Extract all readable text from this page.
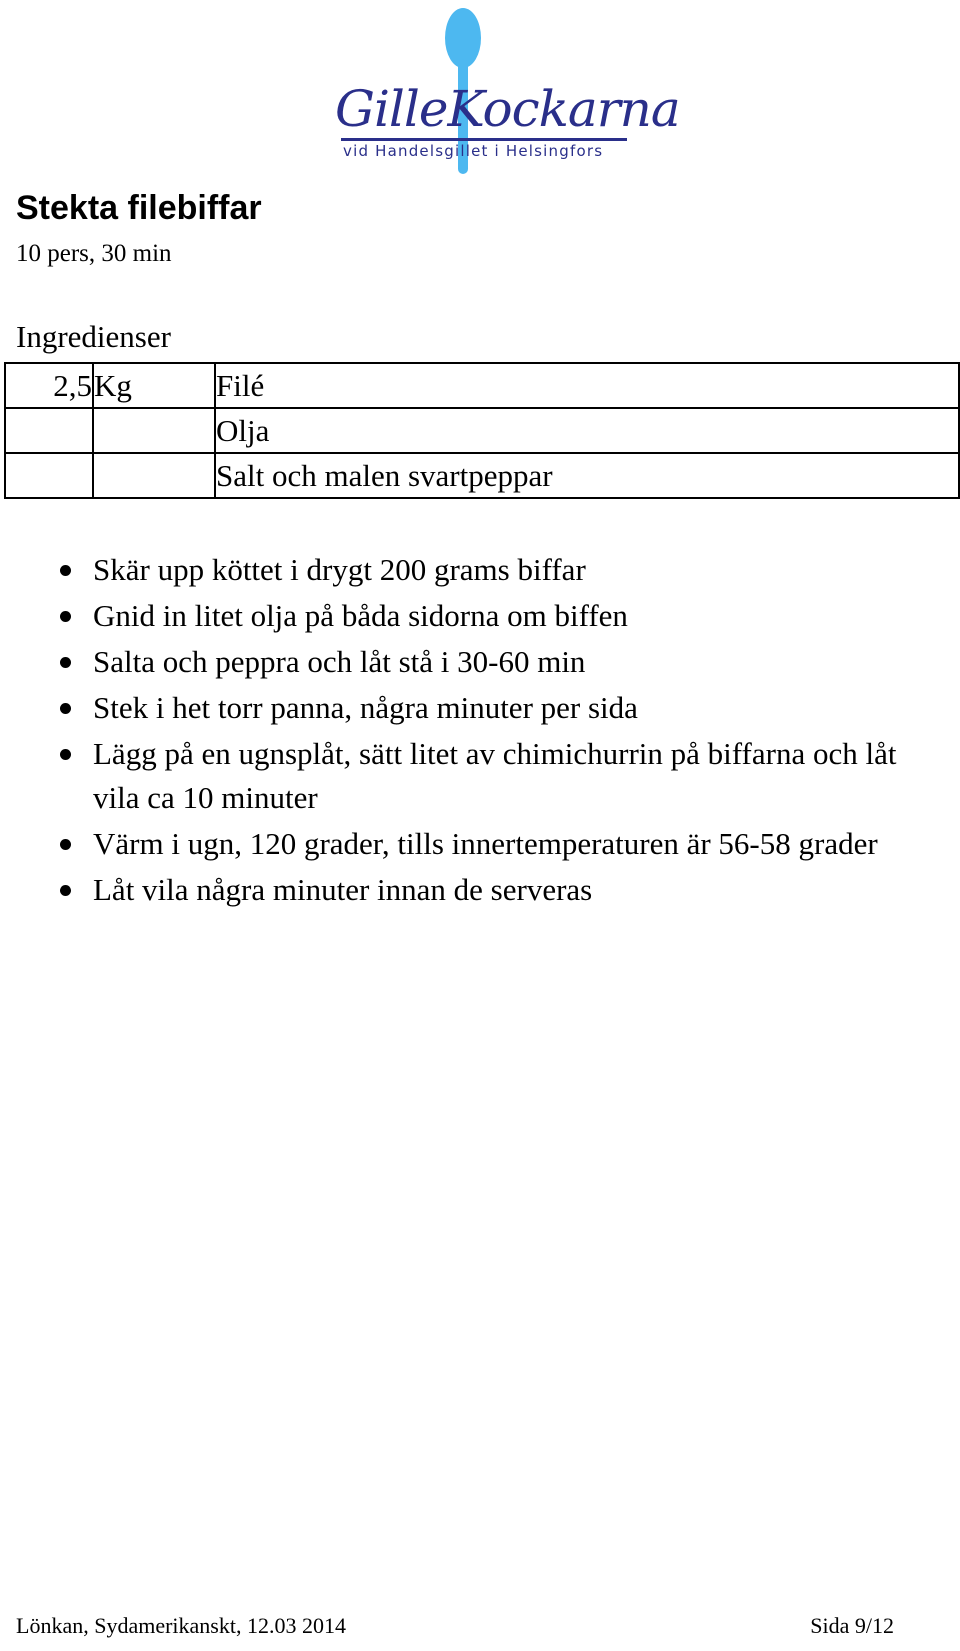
GilleKockarna
vid Handelsgillet i Helsingfors
Stekta filebiffar
10 pers, 30 min
Ingredienser
2,5	Kg	Filé
		Olja
		Salt och malen svartpeppar
Skär upp köttet i drygt 200 grams biffar
Gnid in litet olja på båda sidorna om biffen
Salta och peppra och låt stå i 30-60 min
Stek i het torr panna, några minuter per sida
Lägg på en ugnsplåt, sätt litet av chimichurrin på biffarna och låt vila ca 10 minuter
Värm i ugn, 120 grader, tills innertemperaturen är 56-58 grader
Låt vila några minuter innan de serveras
Lönkan, Sydamerikanskt, 12.03 2014	Sida 9/12
